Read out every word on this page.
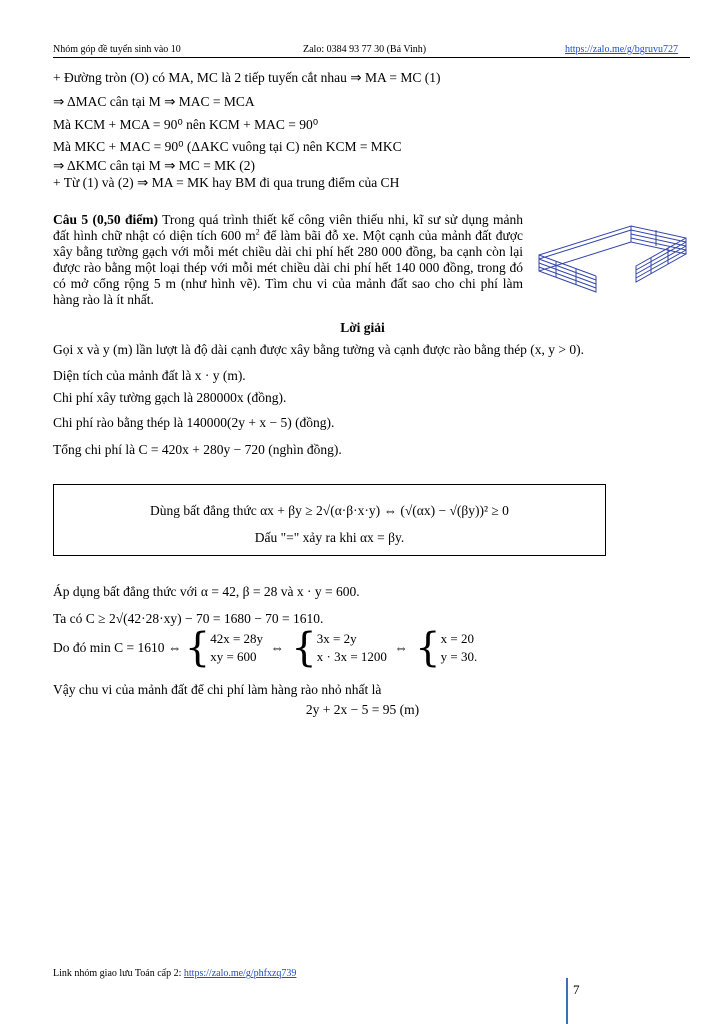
Nhóm góp đề tuyển sinh vào 10	Zalo: 0384 93 77 30 (Bá Vinh)	https://zalo.me/g/bgruvu727
+ Đường tròn (O) có MA, MC là 2 tiếp tuyến cắt nhau ⇒ MA = MC (1)
⇒ ΔMAC cân tại M ⇒ MAC = MCA
Mà KCM + MCA = 90⁰ nên KCM + MAC = 90⁰
Mà MKC + MAC = 90⁰ (ΔAKC vuông tại C) nên KCM = MKC
⇒ ΔKMC cân tại M ⇒ MC = MK (2)
+ Từ (1) và (2) ⇒ MA = MK hay BM đi qua trung điểm của CH
Câu 5 (0,50 điểm) Trong quá trình thiết kế công viên thiếu nhi, kĩ sư sử dụng mảnh đất hình chữ nhật có diện tích 600 $m^2$ để làm bãi đỗ xe. Một cạnh của mảnh đất được xây bằng tường gạch với mỗi mét chiều dài chi phí hết 280 000 đồng, ba cạnh còn lại được rào bằng một loại thép với mỗi mét chiều dài chi phí hết 140 000 đồng, trong đó có mở cổng rộng 5 m (như hình vẽ). Tìm chu vi của mảnh đất sao cho chi phí làm hàng rào là ít nhất.
Lời giải
Gọi x và y (m) lần lượt là độ dài cạnh được xây bằng tường và cạnh được rào bằng thép (x, y > 0).
Diện tích của mảnh đất là x · y (m).
Chi phí xây tường gạch là 280000x (đồng).
Chi phí rào bằng thép là 140000(2y + x − 5) (đồng).
Tổng chi phí là C = 420x + 280y − 720 (nghìn đồng).
Dùng bất đẳng thức αx + βy ≥ 2√(α·β·x·y) ⇔ (√(αx) − √(βy))² ≥ 0
Dấu "=" xảy ra khi αx = βy.
Áp dụng bất đẳng thức với α = 42, β = 28 và x · y = 600.
Ta có C ≥ 2√(42·28·xy) − 70 = 1680 − 70 = 1610.
Do đó min C = 1610 ⇔ { 42x = 28y
xy = 600
⇔ { 3x = 2y
x · 3x = 1200
⇔ { x = 20
y = 30.
Vậy chu vi của mảnh đất để chi phí làm hàng rào nhỏ nhất là
2y + 2x − 5 = 95 (m)
Link nhóm giao lưu Toán cấp 2: https://zalo.me/g/phfxzq739
7
